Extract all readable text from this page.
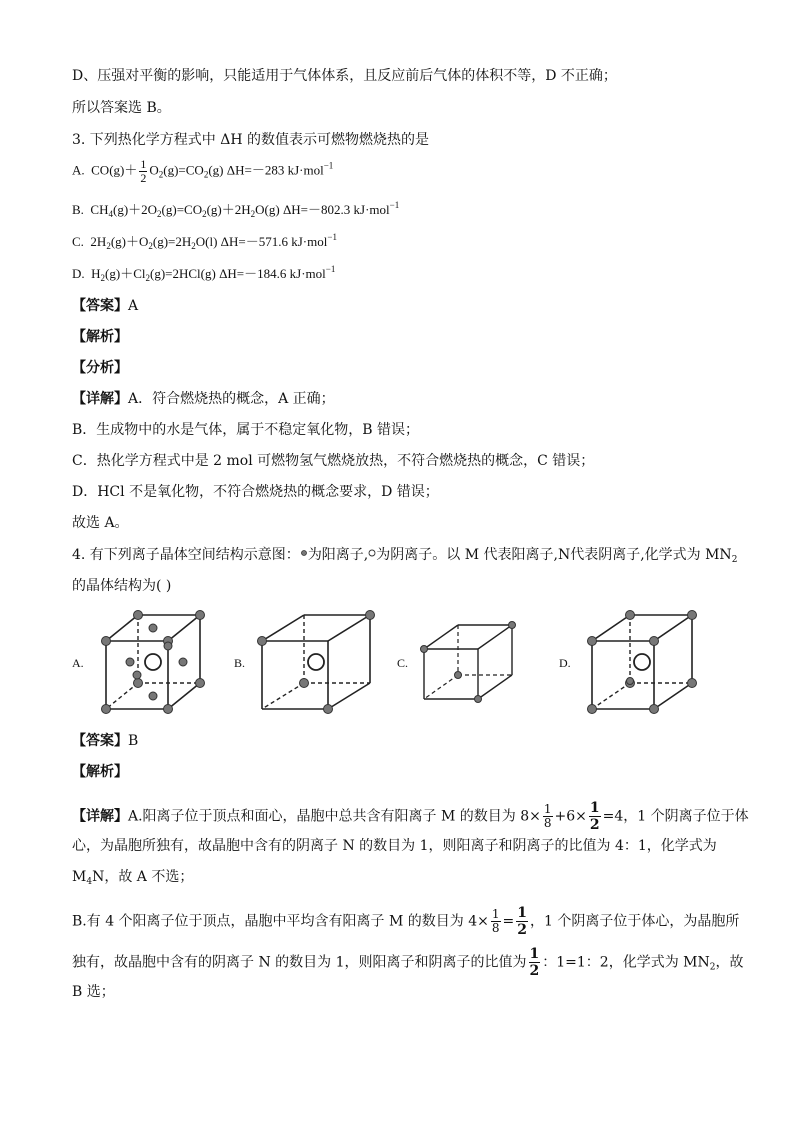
D、压强对平衡的影响，只能适用于气体体系，且反应前后气体的体积不等，D 不正确；
所以答案选 B。
3. 下列热化学方程式中 ΔH 的数值表示可燃物燃烧热的是
A.  $CO(g)+ \frac{1}{2} O_2(g)=CO_2(g)$ ΔH=－283 kJ·mol$^{-1}$
B.  $CH_4(g)+2O_2(g)=CO_2(g)+2H_2O(g)$ ΔH=－802.3 kJ·mol$^{-1}$
C.  $2H_2(g)+O_2(g)=2H_2O(l)$ ΔH=－571.6 kJ·mol$^{-1}$
D.  $H_2(g)+Cl_2(g)=2HCl(g)$ ΔH=－184.6 kJ·mol$^{-1}$
【答案】A
【解析】
【分析】
【详解】A．符合燃烧热的概念，A 正确；
B．生成物中的水是气体，属于不稳定氧化物，B 错误；
C．热化学方程式中是 2 mol 可燃物氢气燃烧放热，不符合燃烧热的概念，C 错误；
D．HCl 不是氧化物，不符合燃烧热的概念要求，D 错误；
故选 A。
4. 有下列离子晶体空间结构示意图： 为阳离子, 为阴离子。以 M 代表阳离子,N代表阴离子,化学式为 $MN_2$
的晶体结构为( )
A.	B.	C.	D.
【答案】B
【解析】
【详解】A.阳离子位于顶点和面心，晶胞中总共含有阳离子 M 的数目为 $8\times \frac{1}{8} +6\times \frac{1}{2} =4$，1 个阴离子位于体
心，为晶胞所独有，故晶胞中含有的阴离子 N 的数目为 1，则阳离子和阴离子的比值为 4：1，化学式为
$M_4N$，故 A 不选；
B.有 4 个阳离子位于顶点，晶胞中平均含有阳离子 M 的数目为 $4\times \frac{1}{8} = \frac{1}{2}$ ，1 个阴离子位于体心，为晶胞所
独有，故晶胞中含有的阴离子 N 的数目为 1，则阳离子和阴离子的比值为 $\frac{1}{2}$ ：1=1：2，化学式为 $MN_2$，故
B 选；
